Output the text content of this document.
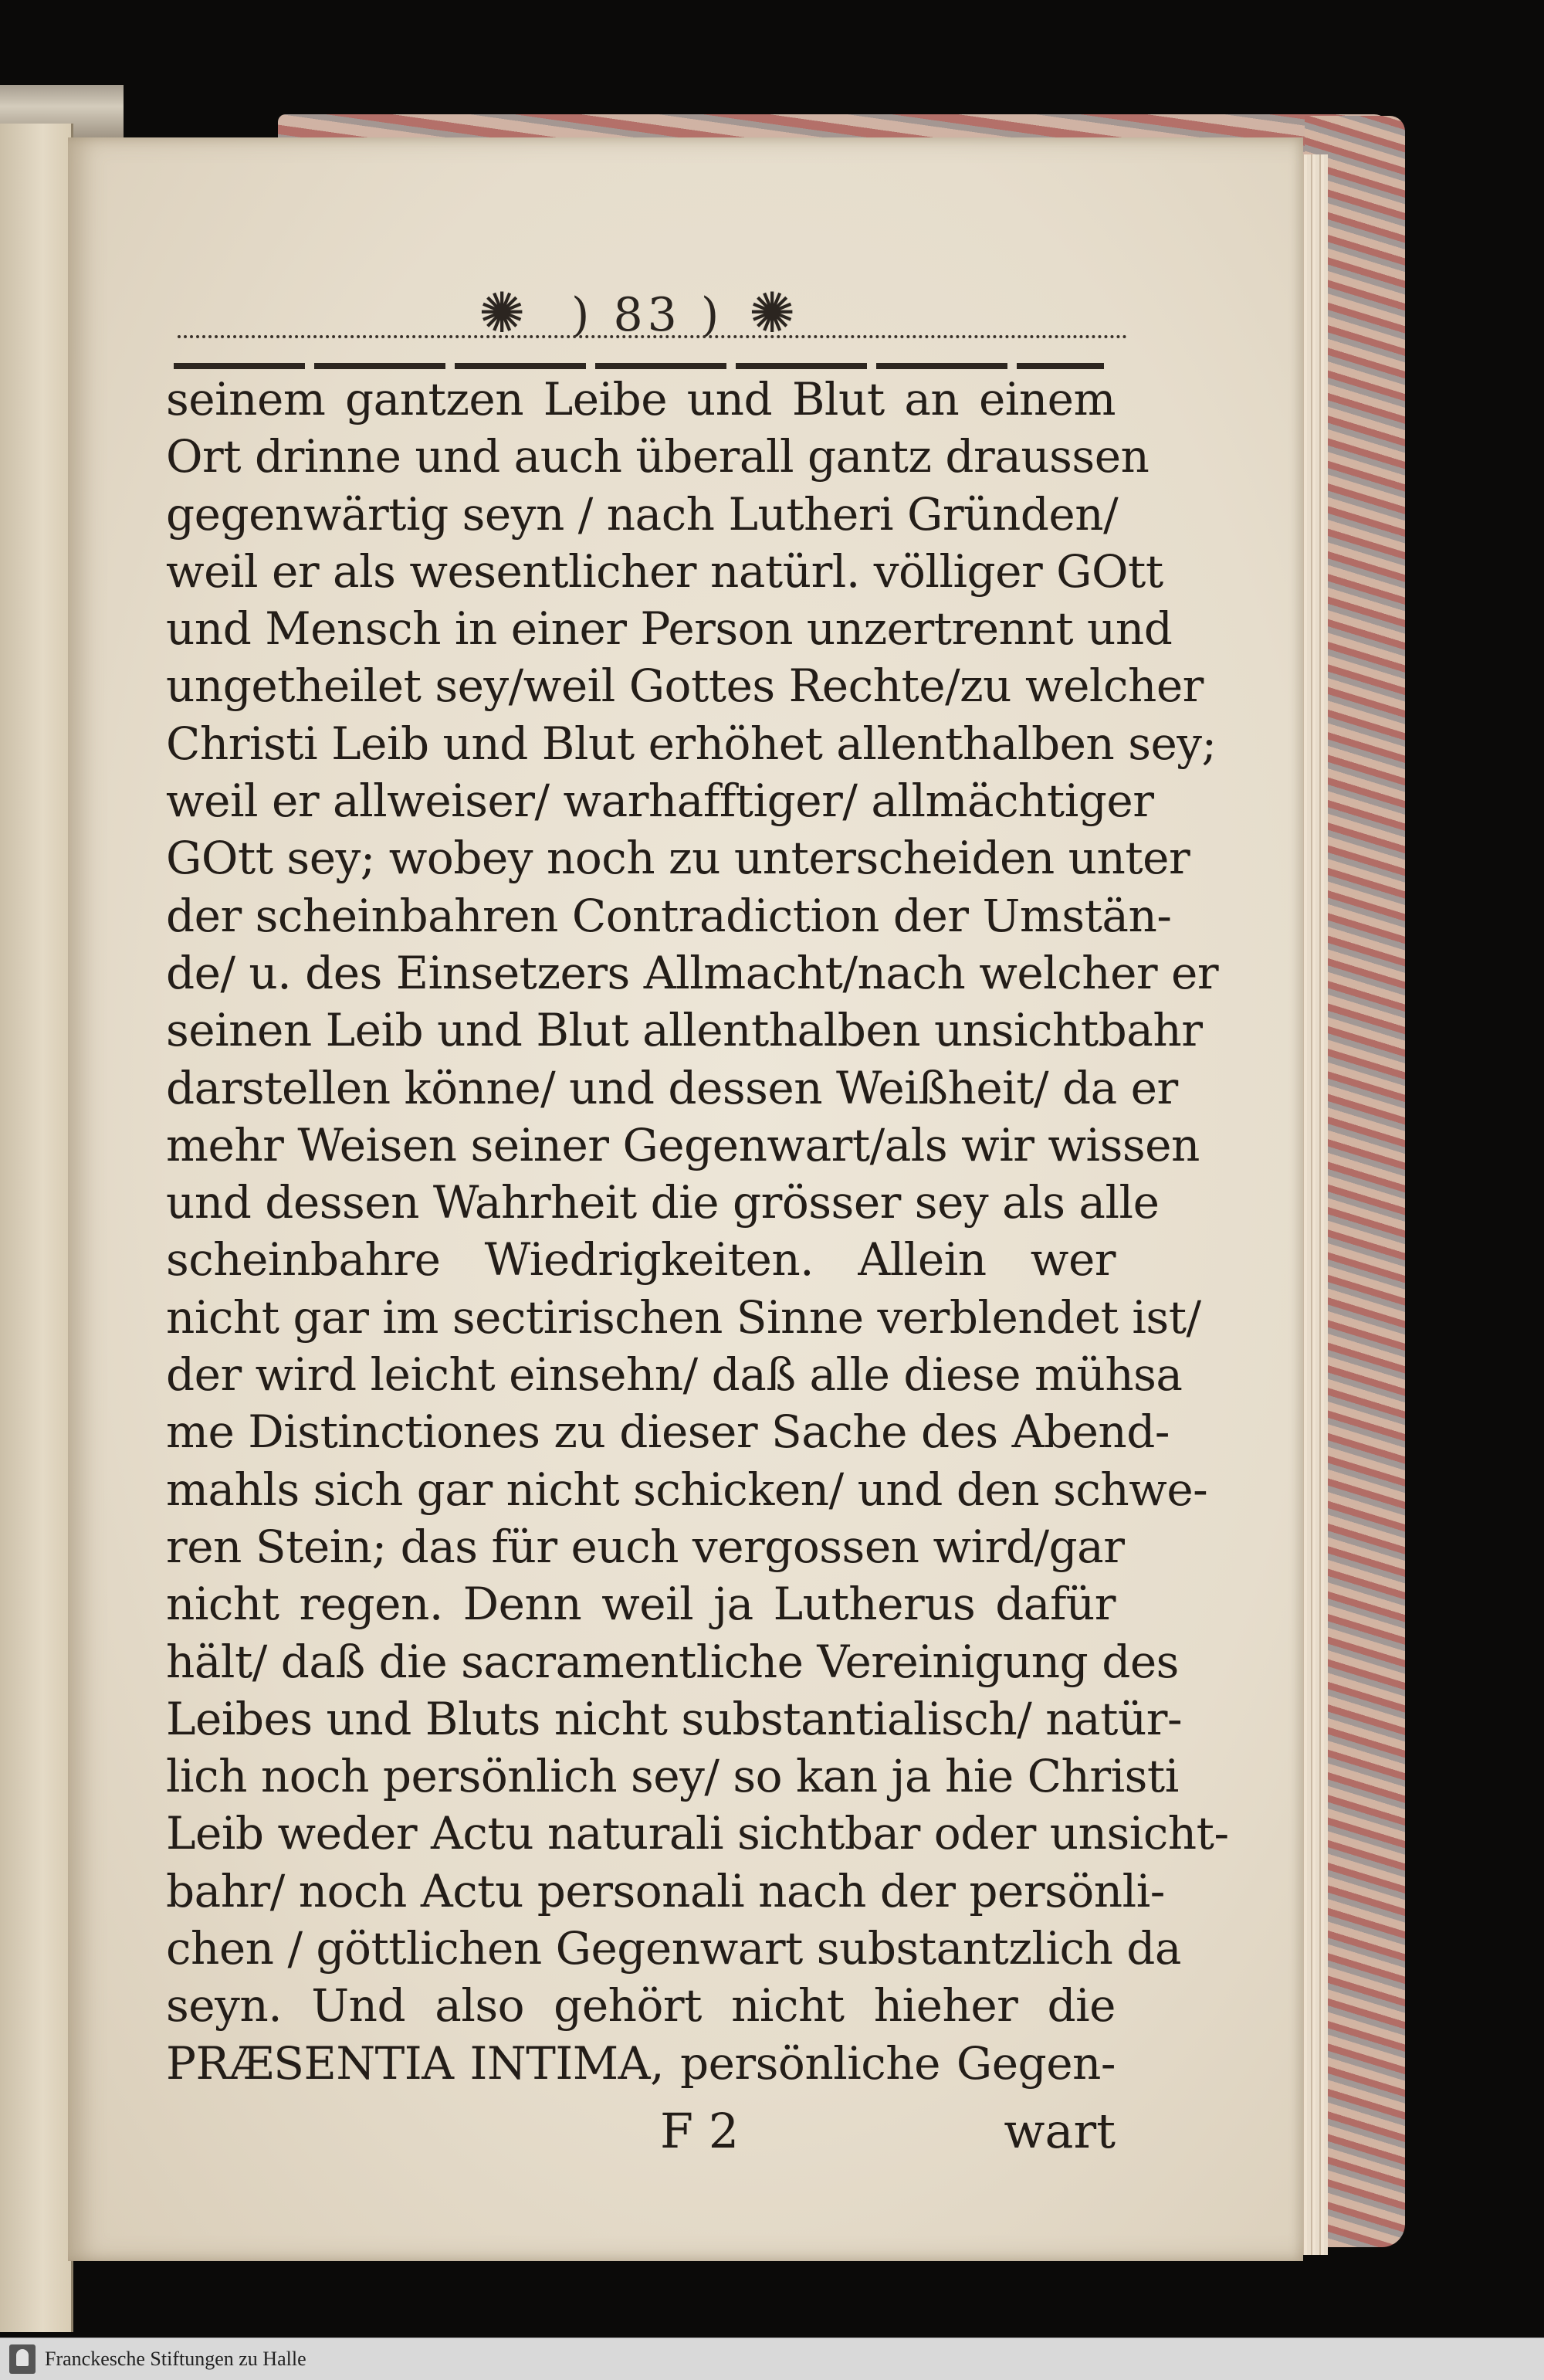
✺ ) 83 ) ✺
seinem gantzen Leibe und Blut an einem
Ort drinne und auch überall gantz draussen
gegenwärtig seyn / nach Lutheri Gründen/
weil er als wesentlicher natürl. völliger GOtt
und Mensch in einer Person unzertrennt und
ungetheilet sey/weil Gottes Rechte/zu welcher
Christi Leib und Blut erhöhet allenthalben sey;
weil er allweiser/ warhafftiger/ allmächtiger
GOtt sey; wobey noch zu unterscheiden unter
der scheinbahren Contradiction der Umstän-
de/ u. des Einsetzers Allmacht/nach welcher er
seinen Leib und Blut allenthalben unsichtbahr
darstellen könne/ und dessen Weißheit/ da er
mehr Weisen seiner Gegenwart/als wir wissen
und dessen Wahrheit die grösser sey als alle
scheinbahre Wiedrigkeiten. Allein wer
nicht gar im sectirischen Sinne verblendet ist/
der wird leicht einsehn/ daß alle diese mühsa
me Distinctiones zu dieser Sache des Abend-
mahls sich gar nicht schicken/ und den schwe-
ren Stein; das für euch vergossen wird/gar
nicht regen. Denn weil ja Lutherus dafür
hält/ daß die sacramentliche Vereinigung des
Leibes und Bluts nicht substantialisch/ natür-
lich noch persönlich sey/ so kan ja hie Christi
Leib weder Actu naturali sichtbar oder unsicht-
bahr/ noch Actu personali nach der persönli-
chen / göttlichen Gegenwart substantzlich da
seyn. Und also gehört nicht hieher die
PRÆSENTIA INTIMA, persönliche Gegen-
F 2	wart
Franckesche Stiftungen zu Halle
